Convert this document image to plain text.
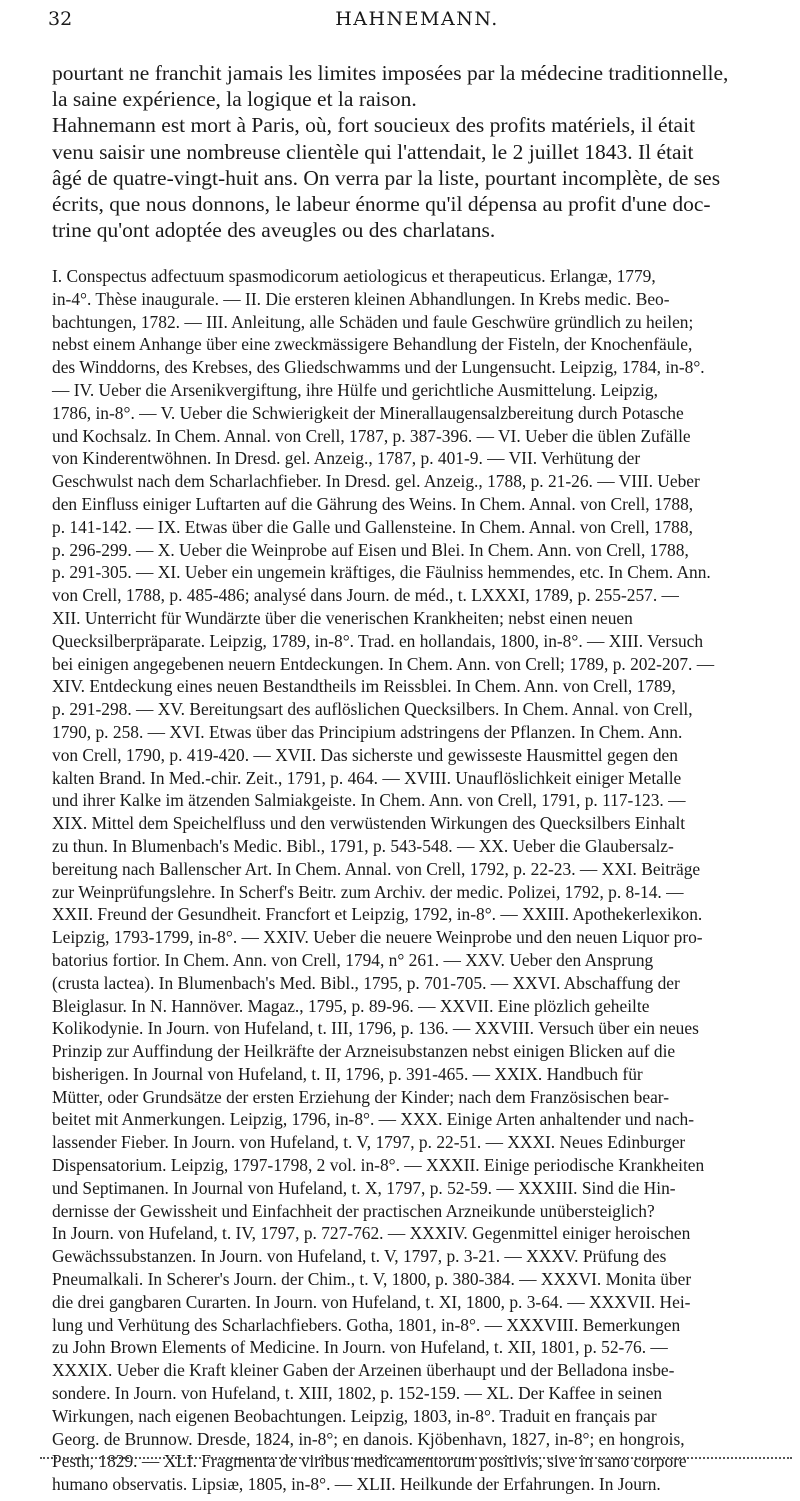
32	HAHNEMANN.
pourtant ne franchit jamais les limites imposées par la médecine traditionnelle,
la saine expérience, la logique et la raison.
Hahnemann est mort à Paris, où, fort soucieux des profits matériels, il était
venu saisir une nombreuse clientèle qui l'attendait, le 2 juillet 1843. Il était
âgé de quatre-vingt-huit ans. On verra par la liste, pourtant incomplète, de ses
écrits, que nous donnons, le labeur énorme qu'il dépensa au profit d'une doc-
trine qu'ont adoptée des aveugles ou des charlatans.
I. Conspectus adfectuum spasmodicorum aetiologicus et therapeuticus. Erlangæ, 1779,
in-4°. Thèse inaugurale. — II. Die ersteren kleinen Abhandlungen. In Krebs medic. Beo-
bachtungen, 1782. — III. Anleitung, alle Schäden und faule Geschwüre gründlich zu heilen;
nebst einem Anhange über eine zweckmässigere Behandlung der Fisteln, der Knochenfäule,
des Winddorns, des Krebses, des Gliedschwamms und der Lungensucht. Leipzig, 1784, in-8°.
— IV. Ueber die Arsenikvergiftung, ihre Hülfe und gerichtliche Ausmittelung. Leipzig,
1786, in-8°. — V. Ueber die Schwierigkeit der Minerallaugensalzbereitung durch Potasche
und Kochsalz. In Chem. Annal. von Crell, 1787, p. 387-396. — VI. Ueber die üblen Zufälle
von Kinderentwöhnen. In Dresd. gel. Anzeig., 1787, p. 401-9. — VII. Verhütung der
Geschwulst nach dem Scharlachfieber. In Dresd. gel. Anzeig., 1788, p. 21-26. — VIII. Ueber
den Einfluss einiger Luftarten auf die Gährung des Weins. In Chem. Annal. von Crell, 1788,
p. 141-142. — IX. Etwas über die Galle und Gallensteine. In Chem. Annal. von Crell, 1788,
p. 296-299. — X. Ueber die Weinprobe auf Eisen und Blei. In Chem. Ann. von Crell, 1788,
p. 291-305. — XI. Ueber ein ungemein kräftiges, die Fäulniss hemmendes, etc. In Chem. Ann.
von Crell, 1788, p. 485-486; analysé dans Journ. de méd., t. LXXXI, 1789, p. 255-257. —
XII. Unterricht für Wundärzte über die venerischen Krankheiten; nebst einen neuen
Quecksilberpräparate. Leipzig, 1789, in-8°. Trad. en hollandais, 1800, in-8°. — XIII. Versuch
bei einigen angegebenen neuern Entdeckungen. In Chem. Ann. von Crell; 1789, p. 202-207. —
XIV. Entdeckung eines neuen Bestandtheils im Reissblei. In Chem. Ann. von Crell, 1789,
p. 291-298. — XV. Bereitungsart des auflöslichen Quecksilbers. In Chem. Annal. von Crell,
1790, p. 258. — XVI. Etwas über das Principium adstringens der Pflanzen. In Chem. Ann.
von Crell, 1790, p. 419-420. — XVII. Das sicherste und gewisseste Hausmittel gegen den
kalten Brand. In Med.-chir. Zeit., 1791, p. 464. — XVIII. Unauflöslichkeit einiger Metalle
und ihrer Kalke im ätzenden Salmiakgeiste. In Chem. Ann. von Crell, 1791, p. 117-123. —
XIX. Mittel dem Speichelfluss und den verwüstenden Wirkungen des Quecksilbers Einhalt
zu thun. In Blumenbach's Medic. Bibl., 1791, p. 543-548. — XX. Ueber die Glaubersalz-
bereitung nach Ballenscher Art. In Chem. Annal. von Crell, 1792, p. 22-23. — XXI. Beiträge
zur Weinprüfungslehre. In Scherf's Beitr. zum Archiv. der medic. Polizei, 1792, p. 8-14. —
XXII. Freund der Gesundheit. Francfort et Leipzig, 1792, in-8°. — XXIII. Apothekerlexikon.
Leipzig, 1793-1799, in-8°. — XXIV. Ueber die neuere Weinprobe und den neuen Liquor pro-
batorius fortior. In Chem. Ann. von Crell, 1794, n° 261. — XXV. Ueber den Ansprung
(crusta lactea). In Blumenbach's Med. Bibl., 1795, p. 701-705. — XXVI. Abschaffung der
Bleiglasur. In N. Hannöver. Magaz., 1795, p. 89-96. — XXVII. Eine plözlich geheilte
Kolikodynie. In Journ. von Hufeland, t. III, 1796, p. 136. — XXVIII. Versuch über ein neues
Prinzip zur Auffindung der Heilkräfte der Arzneisubstanzen nebst einigen Blicken auf die
bisherigen. In Journal von Hufeland, t. II, 1796, p. 391-465. — XXIX. Handbuch für
Mütter, oder Grundsätze der ersten Erziehung der Kinder; nach dem Französischen bear-
beitet mit Anmerkungen. Leipzig, 1796, in-8°. — XXX. Einige Arten anhaltender und nach-
lassender Fieber. In Journ. von Hufeland, t. V, 1797, p. 22-51. — XXXI. Neues Edinburger
Dispensatorium. Leipzig, 1797-1798, 2 vol. in-8°. — XXXII. Einige periodische Krankheiten
und Septimanen. In Journal von Hufeland, t. X, 1797, p. 52-59. — XXXIII. Sind die Hin-
dernisse der Gewissheit und Einfachheit der practischen Arzneikunde unübersteiglich?
In Journ. von Hufeland, t. IV, 1797, p. 727-762. — XXXIV. Gegenmittel einiger heroischen
Gewächssubstanzen. In Journ. von Hufeland, t. V, 1797, p. 3-21. — XXXV. Prüfung des
Pneumalkali. In Scherer's Journ. der Chim., t. V, 1800, p. 380-384. — XXXVI. Monita über
die drei gangbaren Curarten. In Journ. von Hufeland, t. XI, 1800, p. 3-64. — XXXVII. Hei-
lung und Verhütung des Scharlachfiebers. Gotha, 1801, in-8°. — XXXVIII. Bemerkungen
zu John Brown Elements of Medicine. In Journ. von Hufeland, t. XII, 1801, p. 52-76. —
XXXIX. Ueber die Kraft kleiner Gaben der Arzeinen überhaupt und der Belladona insbe-
sondere. In Journ. von Hufeland, t. XIII, 1802, p. 152-159. — XL. Der Kaffee in seinen
Wirkungen, nach eigenen Beobachtungen. Leipzig, 1803, in-8°. Traduit en français par
Georg. de Brunnow. Dresde, 1824, in-8°; en danois. Kjöbenhavn, 1827, in-8°; en hongrois,
Pesth, 1829. — XLI. Fragmenta de viribus medicamentorum positivis, sive in sano corpore
humano observatis. Lipsiæ, 1805, in-8°. — XLII. Heilkunde der Erfahrungen. In Journ.
